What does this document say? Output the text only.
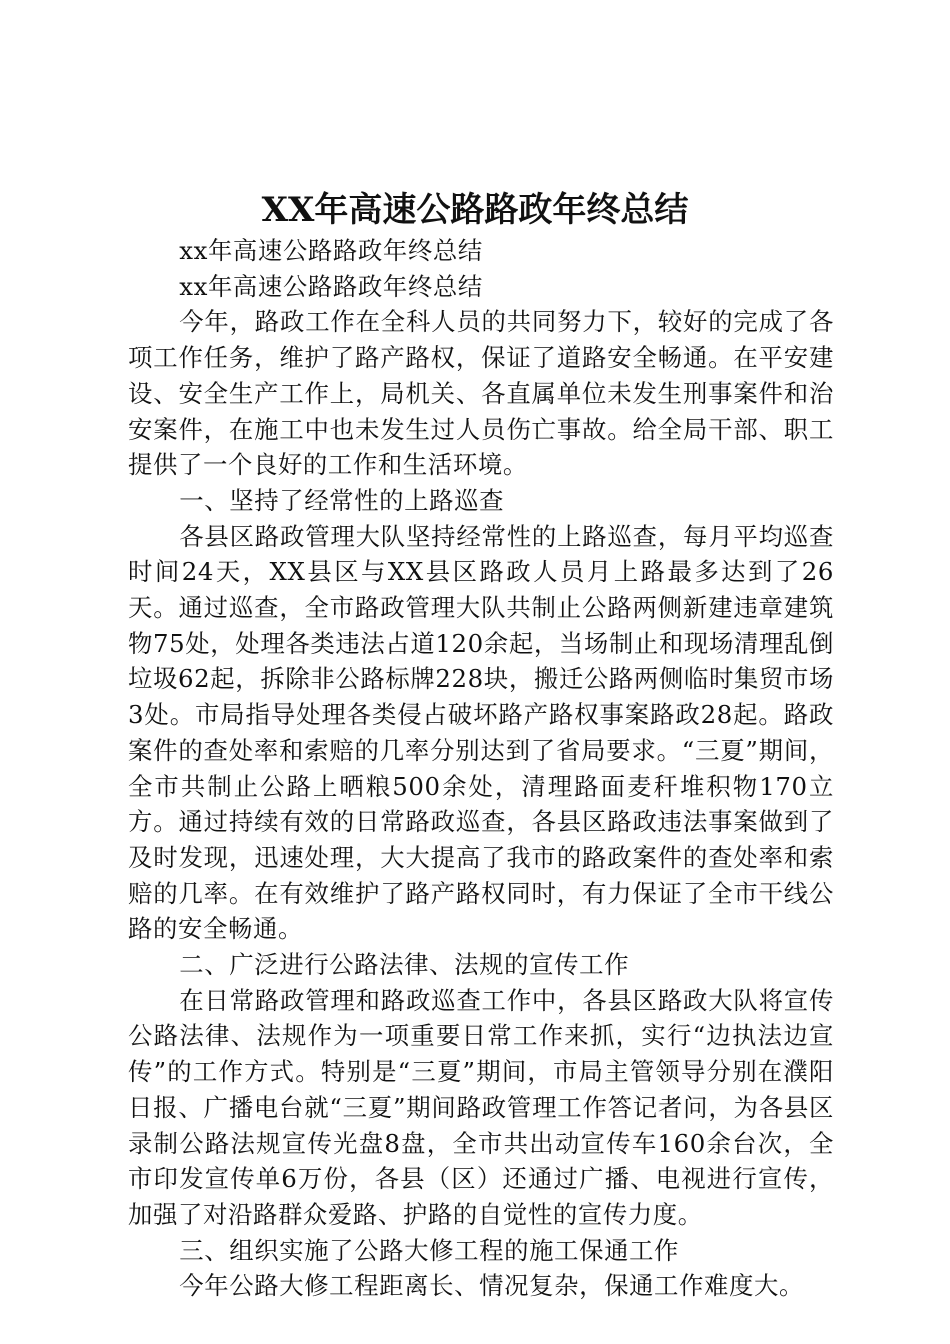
XX年高速公路路政年终总结

xx年高速公路路政年终总结

xx年高速公路路政年终总结

今年，路政工作在全科人员的共同努力下，较好的完成了各项工作任务，维护了路产路权，保证了道路安全畅通。在平安建设、安全生产工作上，局机关、各直属单位未发生刑事案件和治安案件，在施工中也未发生过人员伤亡事故。给全局干部、职工提供了一个良好的工作和生活环境。

一、坚持了经常性的上路巡查

各县区路政管理大队坚持经常性的上路巡查，每月平均巡查时间24天，XX县区与XX县区路政人员月上路最多达到了26天。通过巡查，全市路政管理大队共制止公路两侧新建违章建筑物75处，处理各类违法占道120余起，当场制止和现场清理乱倒垃圾62起，拆除非公路标牌228块，搬迁公路两侧临时集贸市场3处。市局指导处理各类侵占破坏路产路权事案路政28起。路政案件的查处率和索赔的几率分别达到了省局要求。“三夏”期间，全市共制止公路上晒粮500余处，清理路面麦秆堆积物170立方。通过持续有效的日常路政巡查，各县区路政违法事案做到了及时发现，迅速处理，大大提高了我市的路政案件的查处率和索赔的几率。在有效维护了路产路权同时，有力保证了全市干线公路的安全畅通。

二、广泛进行公路法律、法规的宣传工作

在日常路政管理和路政巡查工作中，各县区路政大队将宣传公路法律、法规作为一项重要日常工作来抓，实行“边执法边宣传”的工作方式。特别是“三夏”期间，市局主管领导分别在濮阳日报、广播电台就“三夏”期间路政管理工作答记者问，为各县区录制公路法规宣传光盘8盘，全市共出动宣传车160余台次，全市印发宣传单6万份，各县（区）还通过广播、电视进行宣传，加强了对沿路群众爱路、护路的自觉性的宣传力度。

三、组织实施了公路大修工程的施工保通工作

今年公路大修工程距离长、情况复杂，保通工作难度大。
